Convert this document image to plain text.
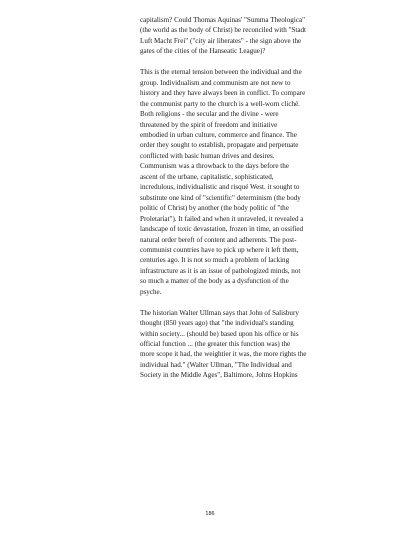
capitalism? Could Thomas Aquinas' "Summa Theologica"
(the world as the body of Christ) be reconciled with "Stadt
Luft Macht Frei" ("city air liberates" - the sign above the
gates of the cities of the Hanseatic League)?

This is the eternal tension between the individual and the
group. Individualism and communism are not new to
history and they have always been in conflict. To compare
the communist party to the church is a well-worn cliché.
Both religions - the secular and the divine - were
threatened by the spirit of freedom and initiative
embodied in urban culture, commerce and finance. The
order they sought to establish, propagate and perpetuate
conflicted with basic human drives and desires.
Communism was a throwback to the days before the
ascent of the urbane, capitalistic, sophisticated,
incredulous, individualistic and risqué West. it sought to
substitute one kind of "scientific" determinism (the body
politic of Christ) by another (the body politic of "the
Proletariat"). It failed and when it unraveled, it revealed a
landscape of toxic devastation, frozen in time, an ossified
natural order bereft of content and adherents. The post-
communist countries have to pick up where it left them,
centuries ago. It is not so much a problem of lacking
infrastructure as it is an issue of pathologized minds, not
so much a matter of the body as a dysfunction of the
psyche.

The historian Walter Ullman says that John of Salisbury
thought (850 years ago) that "the individual's standing
within society... (should be) based upon his office or his
official function ... (the greater this function was) the
more scope it had, the weightier it was, the more rights the
individual had." (Walter Ullman, "The Individual and
Society in the Middle Ages", Baltimore, Johns Hopkins

186
